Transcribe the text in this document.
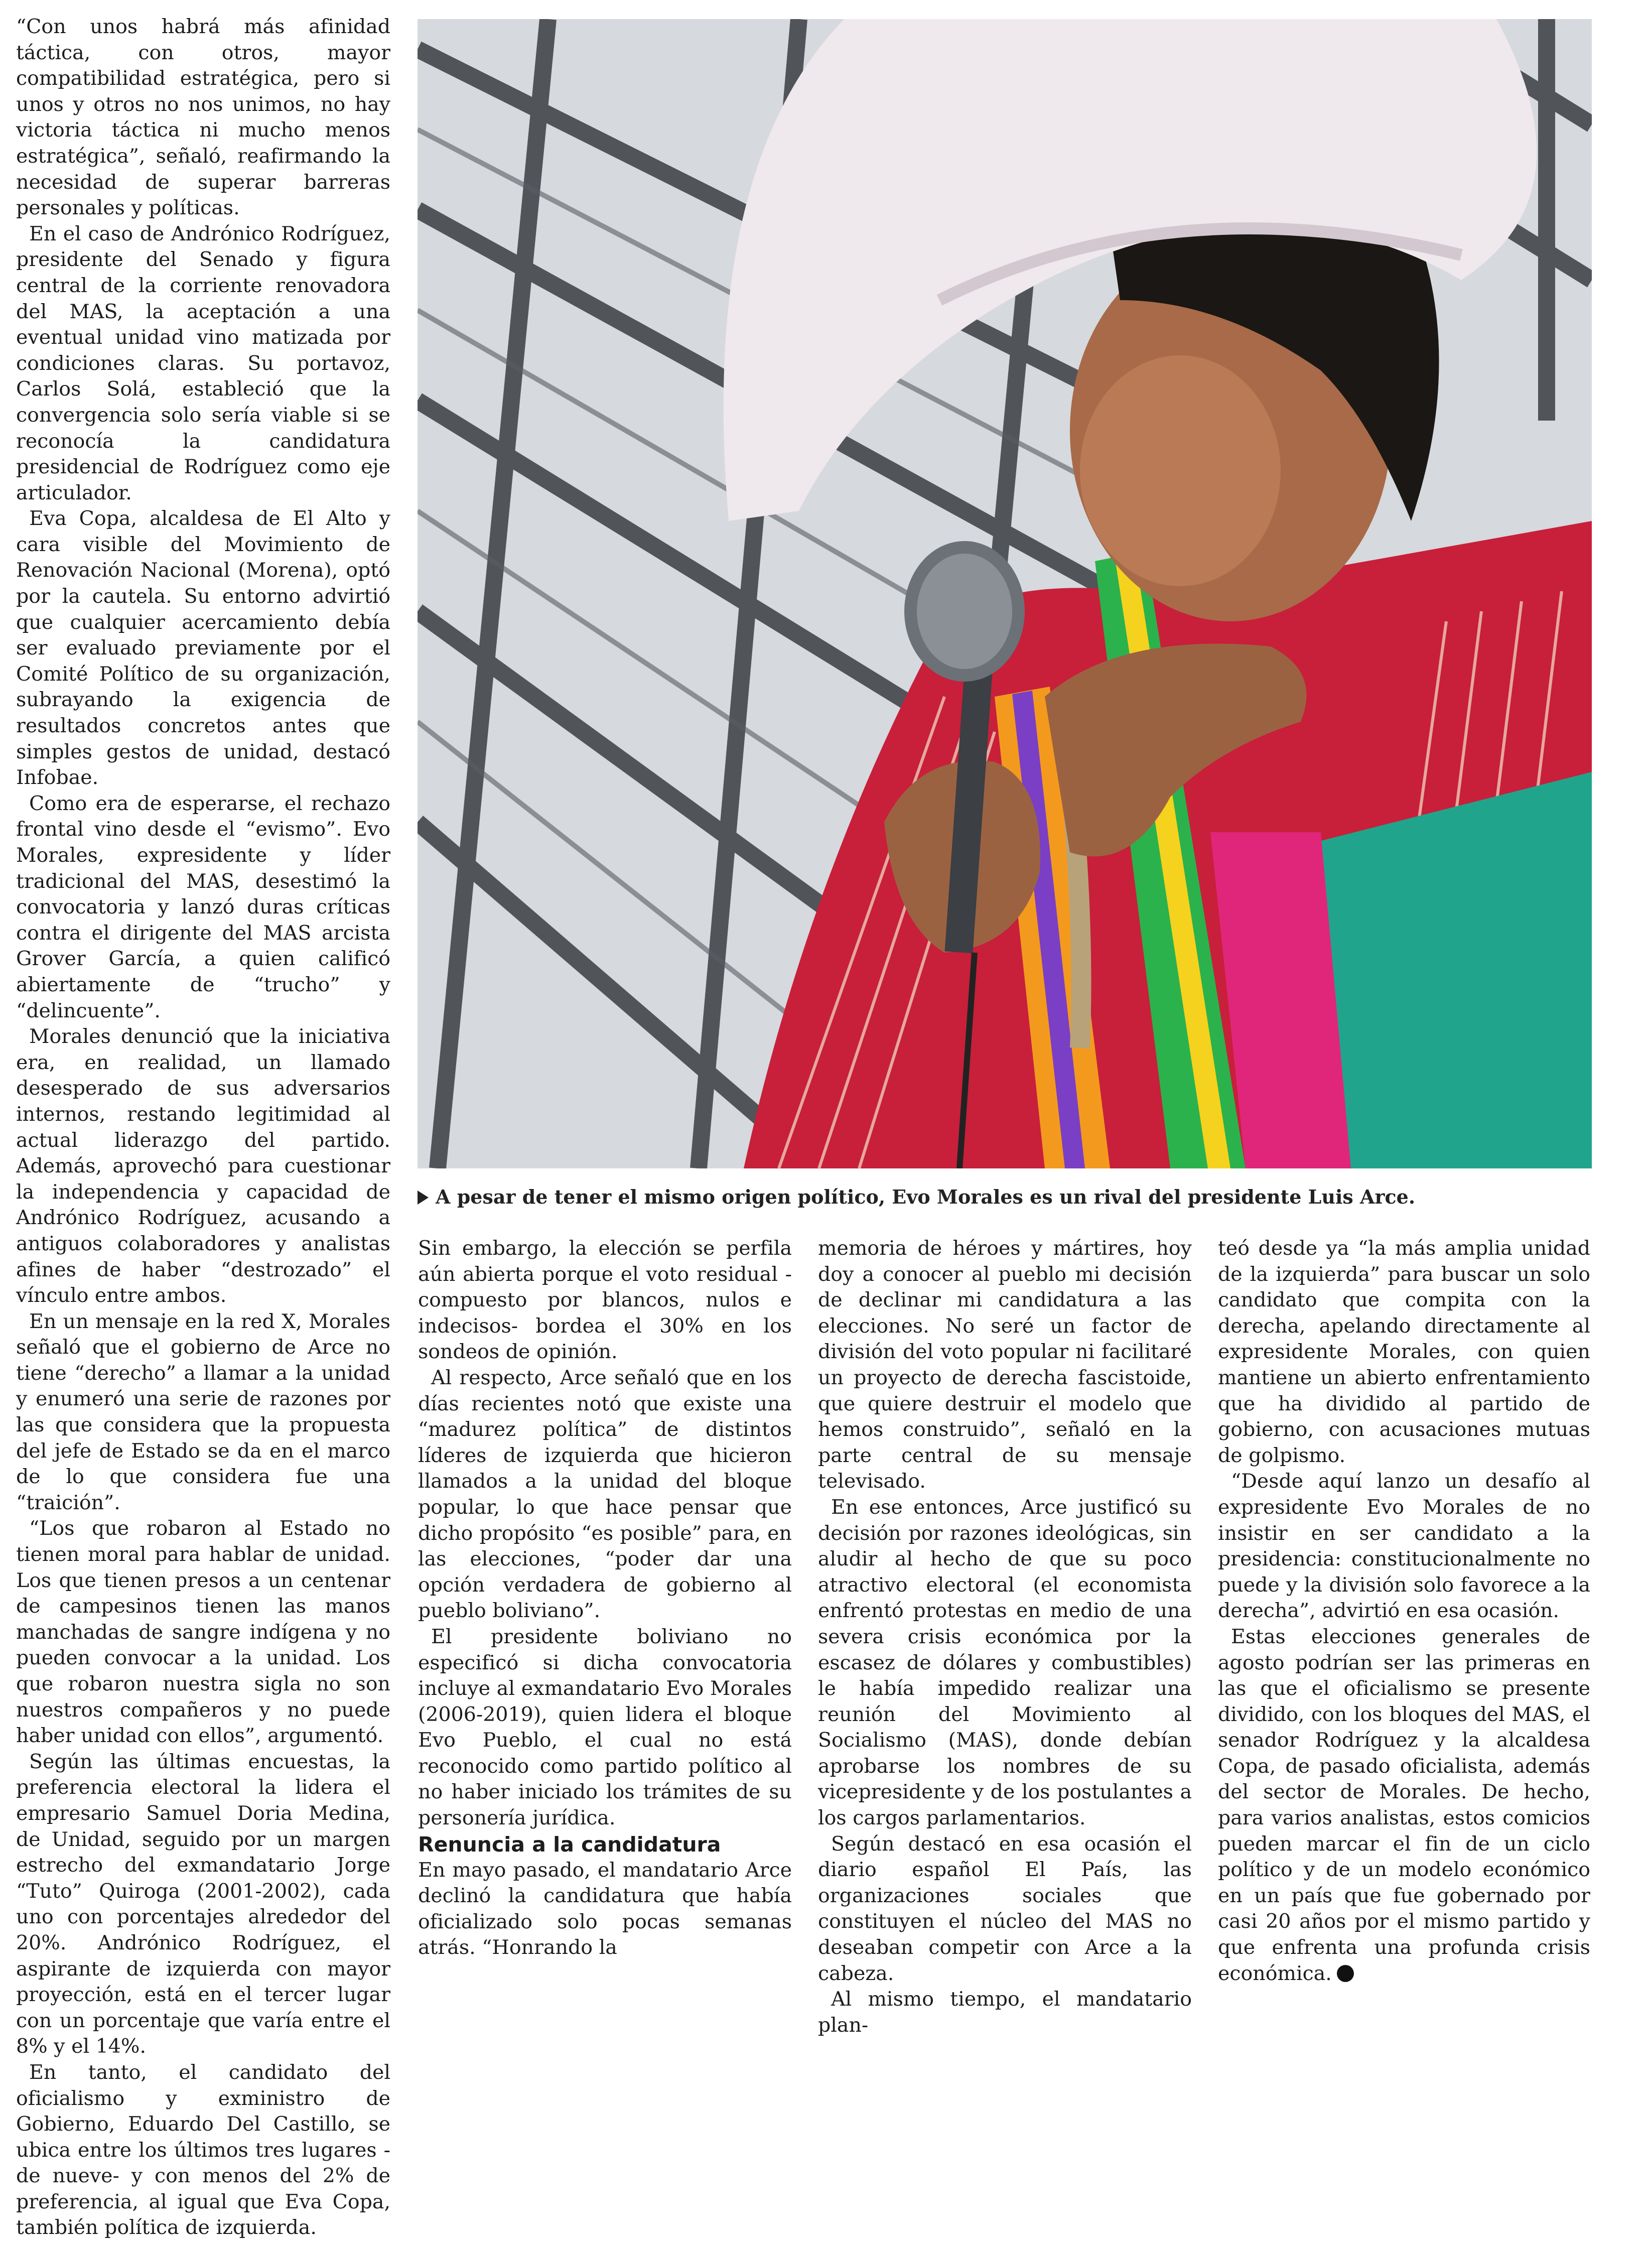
“Con unos habrá más afinidad táctica, con otros, mayor compatibilidad estratégica, pero si unos y otros no nos unimos, no hay victoria táctica ni mucho menos estratégica”, señaló, reafirmando la necesidad de superar barreras personales y políticas.

En el caso de Andrónico Rodríguez, presidente del Senado y figura central de la corriente renovadora del MAS, la aceptación a una eventual unidad vino matizada por condiciones claras. Su portavoz, Carlos Solá, estableció que la convergencia solo sería viable si se reconocía la candidatura presidencial de Rodríguez como eje articulador.

Eva Copa, alcaldesa de El Alto y cara visible del Movimiento de Renovación Nacional (Morena), optó por la cautela. Su entorno advirtió que cualquier acercamiento debía ser evaluado previamente por el Comité Político de su organización, subrayando la exigencia de resultados concretos antes que simples gestos de unidad, destacó Infobae.

Como era de esperarse, el rechazo frontal vino desde el “evismo”. Evo Morales, expresidente y líder tradicional del MAS, desestimó la convocatoria y lanzó duras críticas contra el dirigente del MAS arcista Grover García, a quien calificó abiertamente de “trucho” y “delincuente”.

Morales denunció que la iniciativa era, en realidad, un llamado desesperado de sus adversarios internos, restando legitimidad al actual liderazgo del partido. Además, aprovechó para cuestionar la independencia y capacidad de Andrónico Rodríguez, acusando a antiguos colaboradores y analistas afines de haber “destrozado” el vínculo entre ambos.

En un mensaje en la red X, Morales señaló que el gobierno de Arce no tiene “derecho” a llamar a la unidad y enumeró una serie de razones por las que considera que la propuesta del jefe de Estado se da en el marco de lo que considera fue una “traición”.

“Los que robaron al Estado no tienen moral para hablar de unidad. Los que tienen presos a un centenar de campesinos tienen las manos manchadas de sangre indígena y no pueden convocar a la unidad. Los que robaron nuestra sigla no son nuestros compañeros y no puede haber unidad con ellos”, argumentó.

Según las últimas encuestas, la preferencia electoral la lidera el empresario Samuel Doria Medina, de Unidad, seguido por un margen estrecho del exmandatario Jorge “Tuto” Quiroga (2001-2002), cada uno con porcentajes alrededor del 20%. Andrónico Rodríguez, el aspirante de izquierda con mayor proyección, está en el tercer lugar con un porcentaje que varía entre el 8% y el 14%.

En tanto, el candidato del oficialismo y exministro de Gobierno, Eduardo Del Castillo, se ubica entre los últimos tres lugares -de nueve- y con menos del 2% de preferencia, al igual que Eva Copa, también política de izquierda.

A pesar de tener el mismo origen político, Evo Morales es un rival del presidente Luis Arce.

Sin embargo, la elección se perfila aún abierta porque el voto residual -compuesto por blancos, nulos e indecisos- bordea el 30% en los sondeos de opinión.

Al respecto, Arce señaló que en los días recientes notó que existe una “madurez política” de distintos líderes de izquierda que hicieron llamados a la unidad del bloque popular, lo que hace pensar que dicho propósito “es posible” para, en las elecciones, “poder dar una opción verdadera de gobierno al pueblo boliviano”.

El presidente boliviano no especificó si dicha convocatoria incluye al exmandatario Evo Morales (2006-2019), quien lidera el bloque Evo Pueblo, el cual no está reconocido como partido político al no haber iniciado los trámites de su personería jurídica.

Renuncia a la candidatura

En mayo pasado, el mandatario Arce declinó la candidatura que había oficializado solo pocas semanas atrás. “Honrando la

memoria de héroes y mártires, hoy doy a conocer al pueblo mi decisión de declinar mi candidatura a las elecciones. No seré un factor de división del voto popular ni facilitaré un proyecto de derecha fascistoide, que quiere destruir el modelo que hemos construido”, señaló en la parte central de su mensaje televisado.

En ese entonces, Arce justificó su decisión por razones ideológicas, sin aludir al hecho de que su poco atractivo electoral (el economista enfrentó protestas en medio de una severa crisis económica por la escasez de dólares y combustibles) le había impedido realizar una reunión del Movimiento al Socialismo (MAS), donde debían aprobarse los nombres de su vicepresidente y de los postulantes a los cargos parlamentarios.

Según destacó en esa ocasión el diario español El País, las organizaciones sociales que constituyen el núcleo del MAS no deseaban competir con Arce a la cabeza.

Al mismo tiempo, el mandatario plan-

teó desde ya “la más amplia unidad de la izquierda” para buscar un solo candidato que compita con la derecha, apelando directamente al expresidente Morales, con quien mantiene un abierto enfrentamiento que ha dividido al partido de gobierno, con acusaciones mutuas de golpismo.

“Desde aquí lanzo un desafío al expresidente Evo Morales de no insistir en ser candidato a la presidencia: constitucionalmente no puede y la división solo favorece a la derecha”, advirtió en esa ocasión.

Estas elecciones generales de agosto podrían ser las primeras en las que el oficialismo se presente dividido, con los bloques del MAS, el senador Rodríguez y la alcaldesa Copa, de pasado oficialista, además del sector de Morales. De hecho, para varios analistas, estos comicios pueden marcar el fin de un ciclo político y de un modelo económico en un país que fue gobernado por casi 20 años por el mismo partido y que enfrenta una profunda crisis económica.
